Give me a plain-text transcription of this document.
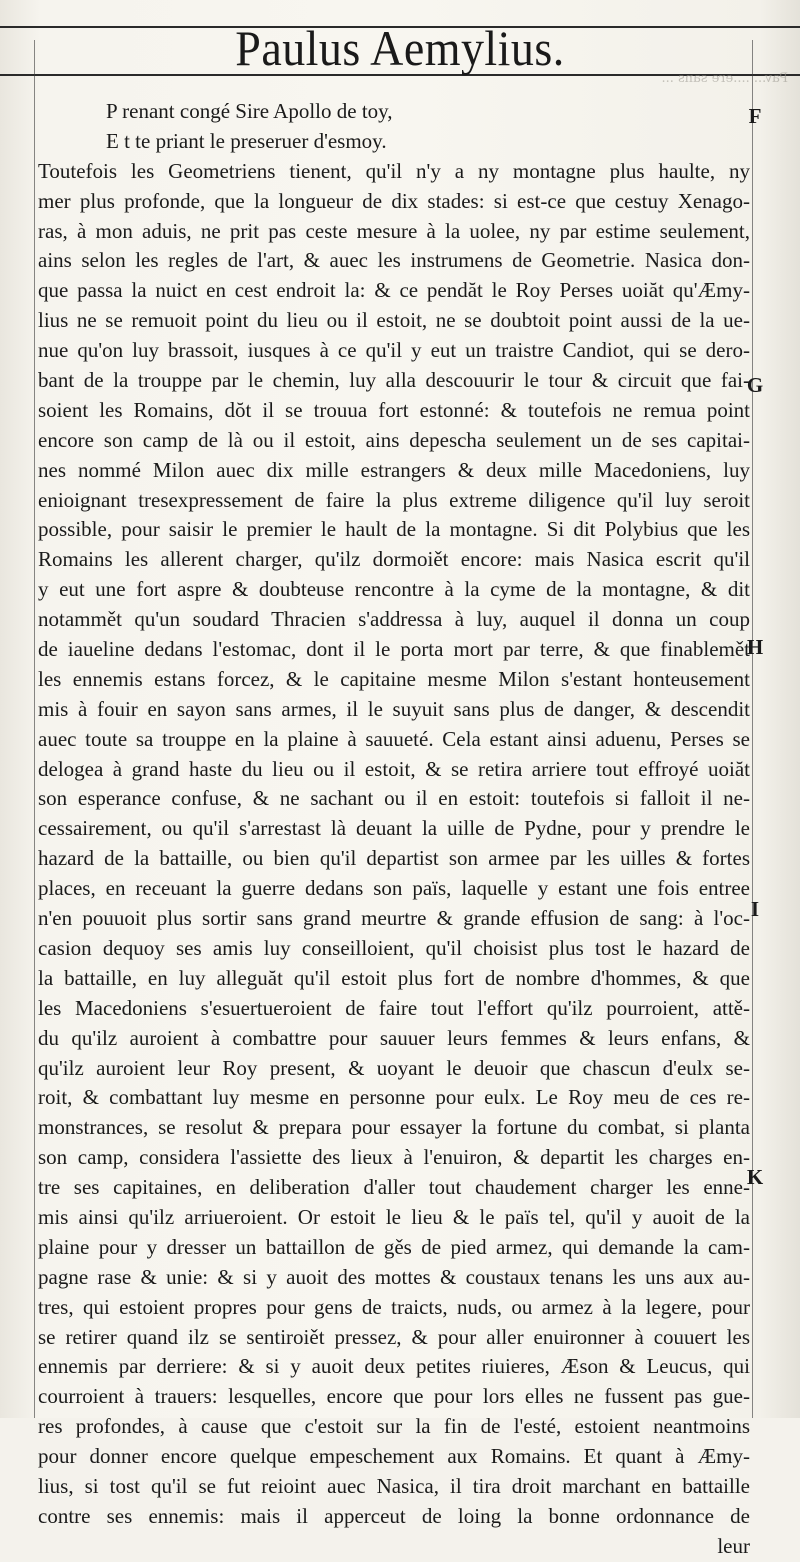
Pav... ....ere sans ...
Paulus Aemylius.
P renant congé Sire Apollo de toy,
E t te priant le preseruer d'esmoy.
Toutefois les Geometriens tienent, qu'il n'y a ny montagne plus haulte, ny
mer plus profonde, que la longueur de dix stades: si est-ce que cestuy Xenago-
ras, à mon aduis, ne prit pas ceste mesure à la uolee, ny par estime seulement,
ains selon les regles de l'art, & auec les instrumens de Geometrie. Nasica don-
que passa la nuict en cest endroit la: & ce pendăt le Roy Perses uoiăt qu'Æmy-
lius ne se remuoit point du lieu ou il estoit, ne se doubtoit point aussi de la ue-
nue qu'on luy brassoit, iusques à ce qu'il y eut un traistre Candiot, qui se dero-
bant de la trouppe par le chemin, luy alla descouurir le tour & circuit que fai-
soient les Romains, dŏt il se trouua fort estonné: & toutefois ne remua point
encore son camp de là ou il estoit, ains depescha seulement un de ses capitai-
nes nommé Milon auec dix mille estrangers & deux mille Macedoniens, luy
enioignant tresexpressement de faire la plus extreme diligence qu'il luy seroit
possible, pour saisir le premier le hault de la montagne. Si dit Polybius que les
Romains les allerent charger, qu'ilz dormoiět encore: mais Nasica escrit qu'il
y eut une fort aspre & doubteuse rencontre à la cyme de la montagne, & dit
notammět qu'un soudard Thracien s'addressa à luy, auquel il donna un coup
de iaueline dedans l'estomac, dont il le porta mort par terre, & que finablemět
les ennemis estans forcez, & le capitaine mesme Milon s'estant honteusement
mis à fouir en sayon sans armes, il le suyuit sans plus de danger, & descendit
auec toute sa trouppe en la plaine à sauueté. Cela estant ainsi aduenu, Perses se
delogea à grand haste du lieu ou il estoit, & se retira arriere tout effroyé uoiăt
son esperance confuse, & ne sachant ou il en estoit: toutefois si falloit il ne-
cessairement, ou qu'il s'arrestast là deuant la uille de Pydne, pour y prendre le
hazard de la battaille, ou bien qu'il departist son armee par les uilles & fortes
places, en receuant la guerre dedans son païs, laquelle y estant une fois entree
n'en pouuoit plus sortir sans grand meurtre & grande effusion de sang: à l'oc-
casion dequoy ses amis luy conseilloient, qu'il choisist plus tost le hazard de
la battaille, en luy alleguăt qu'il estoit plus fort de nombre d'hommes, & que
les Macedoniens s'esuertueroient de faire tout l'effort qu'ilz pourroient, attě-
du qu'ilz auroient à combattre pour sauuer leurs femmes & leurs enfans, &
qu'ilz auroient leur Roy present, & uoyant le deuoir que chascun d'eulx se-
roit, & combattant luy mesme en personne pour eulx. Le Roy meu de ces re-
monstrances, se resolut & prepara pour essayer la fortune du combat, si planta
son camp, considera l'assiette des lieux à l'enuiron, & departit les charges en-
tre ses capitaines, en deliberation d'aller tout chaudement charger les enne-
mis ainsi qu'ilz arriueroient. Or estoit le lieu & le païs tel, qu'il y auoit de la
plaine pour y dresser un battaillon de gěs de pied armez, qui demande la cam-
pagne rase & unie: & si y auoit des mottes & coustaux tenans les uns aux au-
tres, qui estoient propres pour gens de traicts, nuds, ou armez à la legere, pour
se retirer quand ilz se sentiroiět pressez, & pour aller enuironner à couuert les
ennemis par derriere: & si y auoit deux petites riuieres, Æson & Leucus, qui
courroient à trauers: lesquelles, encore que pour lors elles ne fussent pas gue-
res profondes, à cause que c'estoit sur la fin de l'esté, estoient neantmoins
pour donner encore quelque empeschement aux Romains. Et quant à Æmy-
lius, si tost qu'il se fut reioint auec Nasica, il tira droit marchant en battaille
contre ses ennemis: mais il apperceut de loing la bonne ordonnance de
leur
F
G
H
I
K
